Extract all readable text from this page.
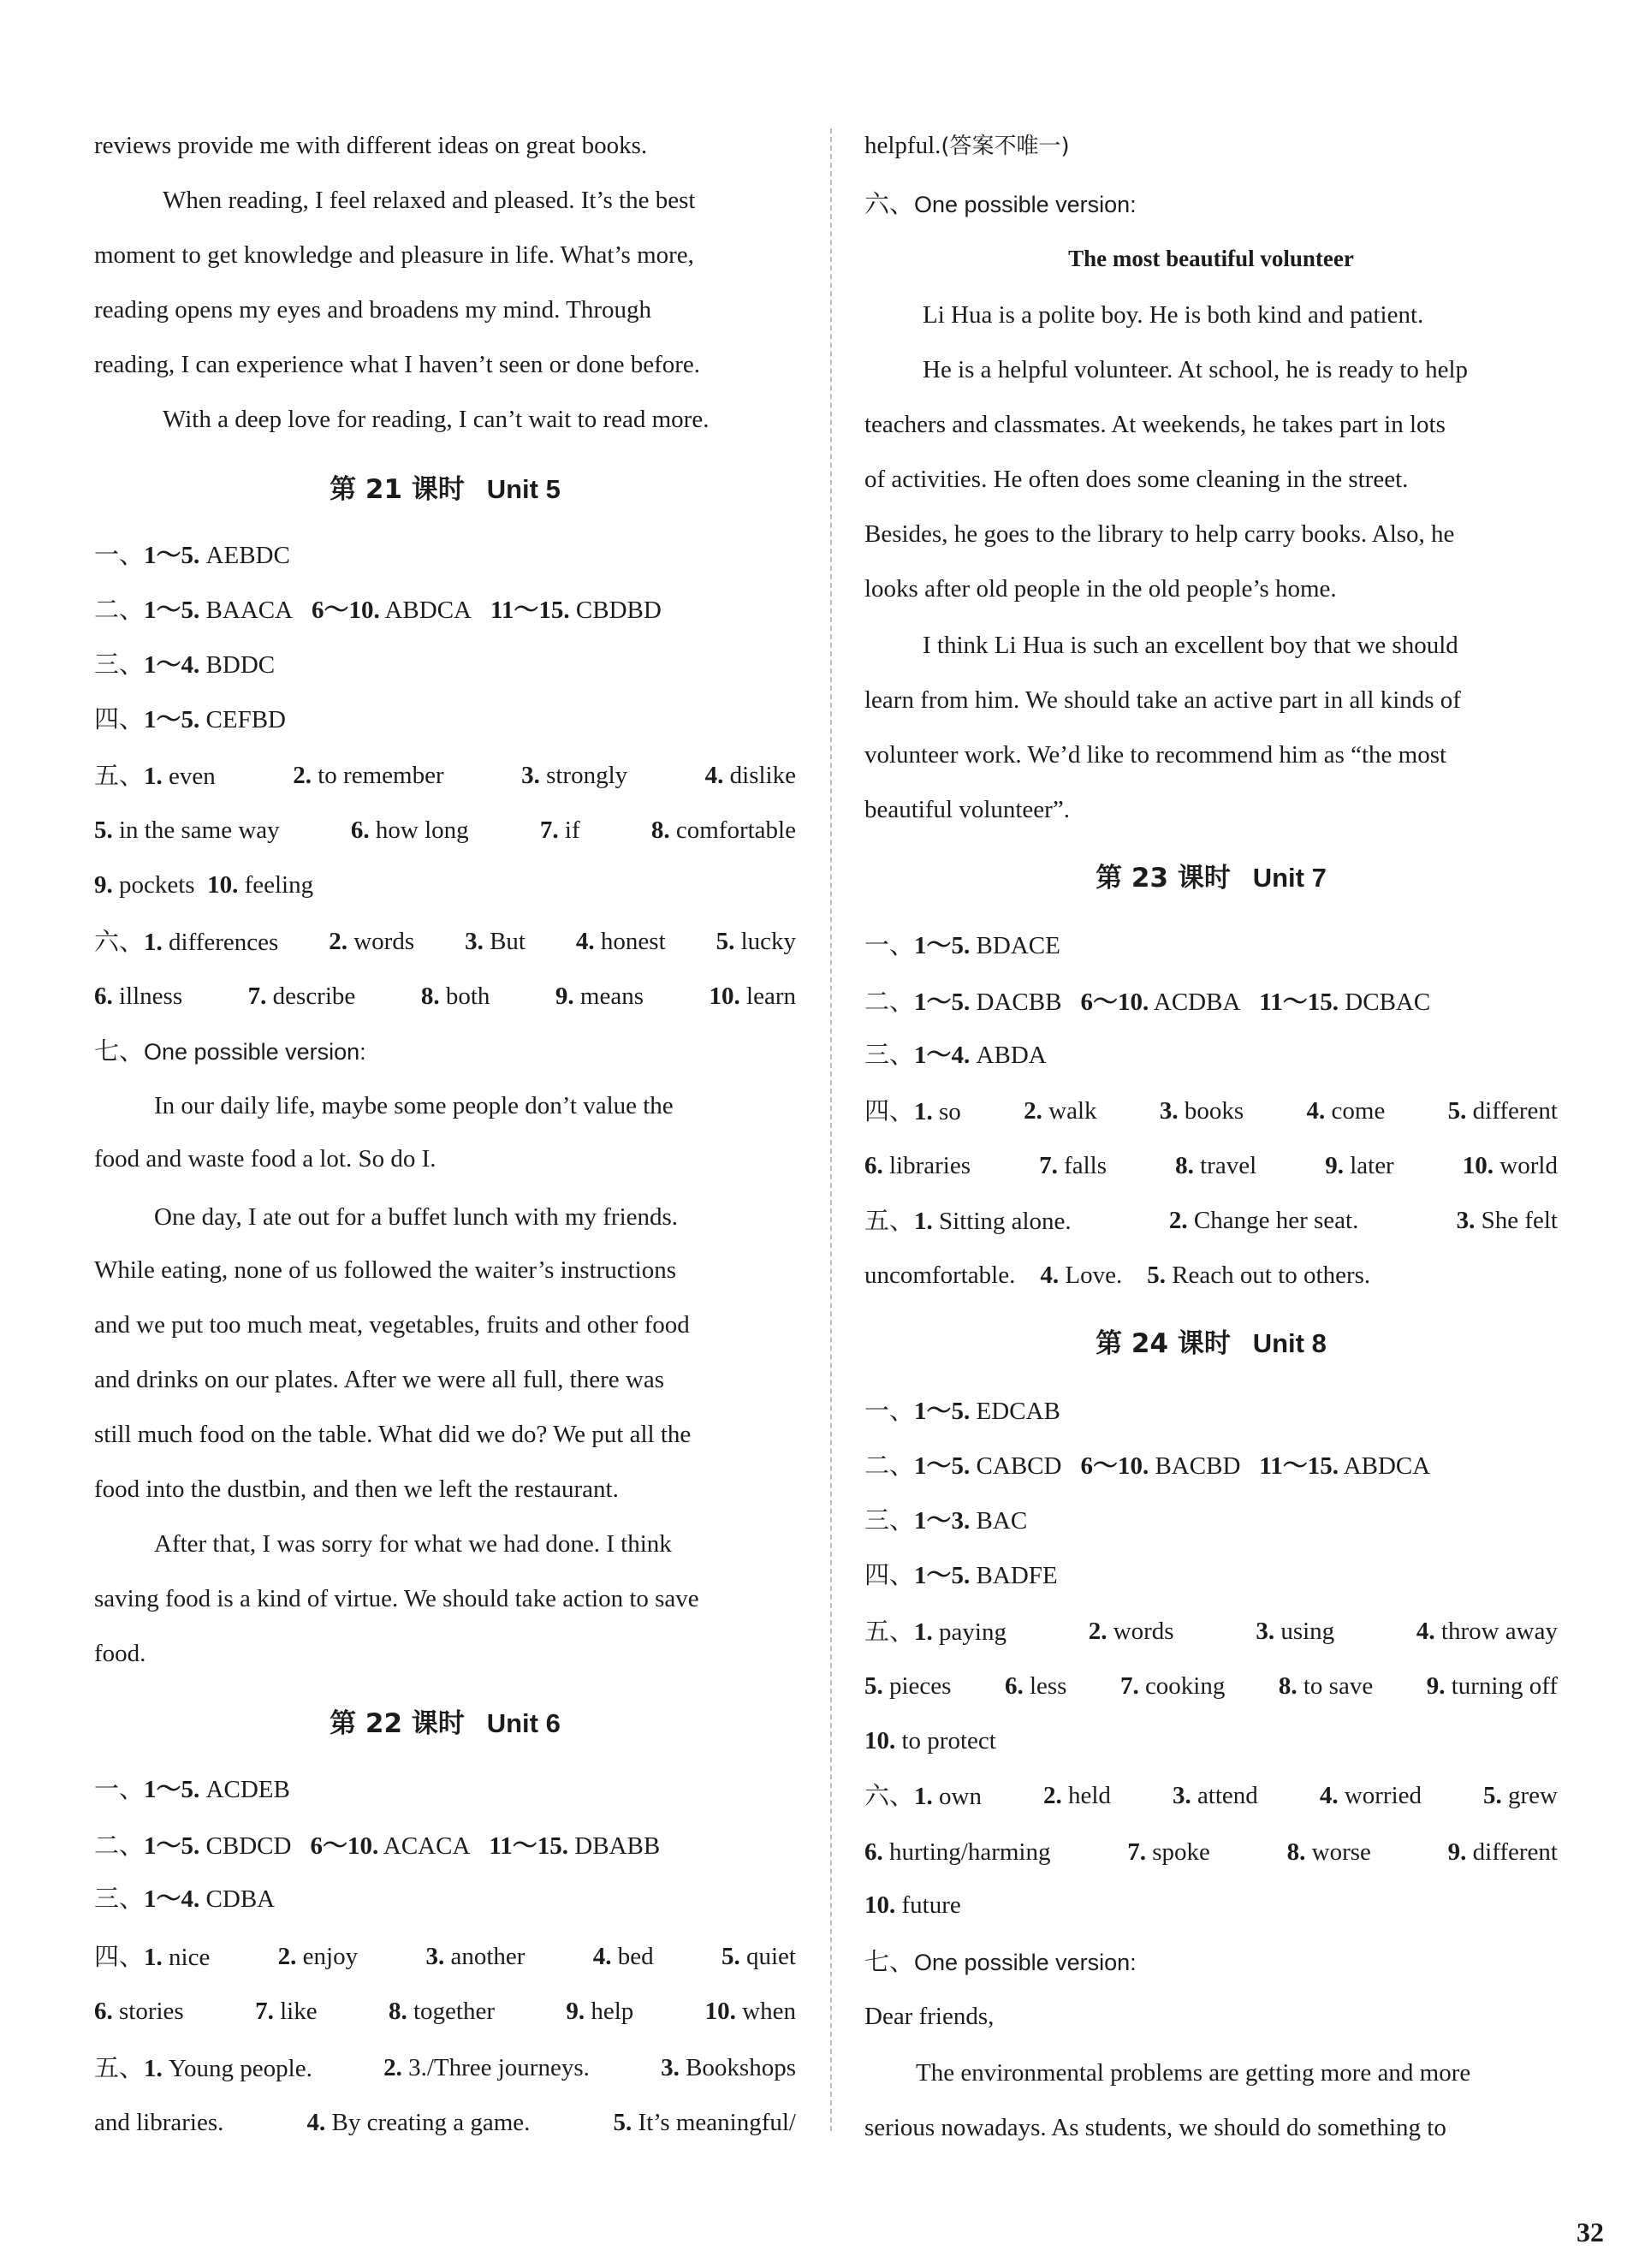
reviews provide me with different ideas on great books.
When reading, I feel relaxed and pleased. It’s the best
moment to get knowledge and pleasure in life. What’s more,
reading opens my eyes and broadens my mind. Through
reading, I can experience what I haven’t seen or done before.
With a deep love for reading, I can’t wait to read more.
第 21 课时 Unit 5
一、1～5. AEBDC
二、1～5. BAACA 6～10. ABDCA 11～15. CBDBD
三、1～4. BDDC
四、1～5. CEFBD
五、1. even	2. to remember	3. strongly	4. dislike
5. in the same way	6. how long	7. if	8. comfortable
9. pockets 10. feeling
六、1. differences 2. words 3. But 4. honest 5. lucky
6. illness	7. describe	8. both	9. means	10. learn
七、One possible version:
In our daily life, maybe some people don’t value the
food and waste food a lot. So do I.
One day, I ate out for a buffet lunch with my friends.
While eating, none of us followed the waiter’s instructions
and we put too much meat, vegetables, fruits and other food
and drinks on our plates. After we were all full, there was
still much food on the table. What did we do? We put all the
food into the dustbin, and then we left the restaurant.
After that, I was sorry for what we had done. I think
saving food is a kind of virtue. We should take action to save
food.
第 22 课时 Unit 6
一、1～5. ACDEB
二、1～5. CBDCD 6～10. ACACA 11～15. DBABB
三、1～4. CDBA
四、1. nice	2. enjoy	3. another	4. bed	5. quiet
6. stories	7. like	8. together	9. help	10. when
五、1. Young people.	2. 3./Three journeys.	3. Bookshops
and libraries.	4. By creating a game.	5. It’s meaningful/
helpful.(答案不唯一)
六、One possible version:
The most beautiful volunteer
Li Hua is a polite boy. He is both kind and patient.
He is a helpful volunteer. At school, he is ready to help
teachers and classmates. At weekends, he takes part in lots
of activities. He often does some cleaning in the street.
Besides, he goes to the library to help carry books. Also, he
looks after old people in the old people’s home.
I think Li Hua is such an excellent boy that we should
learn from him. We should take an active part in all kinds of
volunteer work. We’d like to recommend him as “the most
beautiful volunteer”.
第 23 课时 Unit 7
一、1～5. BDACE
二、1～5. DACBB 6～10. ACDBA 11～15. DCBAC
三、1～4. ABDA
四、1. so	2. walk	3. books	4. come	5. different
6. libraries	7. falls	8. travel	9. later	10. world
五、1. Sitting alone.	2. Change her seat.	3. She felt
uncomfortable. 4. Love. 5. Reach out to others.
第 24 课时 Unit 8
一、1～5. EDCAB
二、1～5. CABCD 6～10. BACBD 11～15. ABDCA
三、1～3. BAC
四、1～5. BADFE
五、1. paying	2. words	3. using	4. throw away
5. pieces 6. less 7. cooking 8. to save 9. turning off
10. to protect
六、1. own 2. held 3. attend 4. worried 5. grew
6. hurting/harming	7. spoke	8. worse	9. different
10. future
七、One possible version:
Dear friends,
The environmental problems are getting more and more
serious nowadays. As students, we should do something to
32
